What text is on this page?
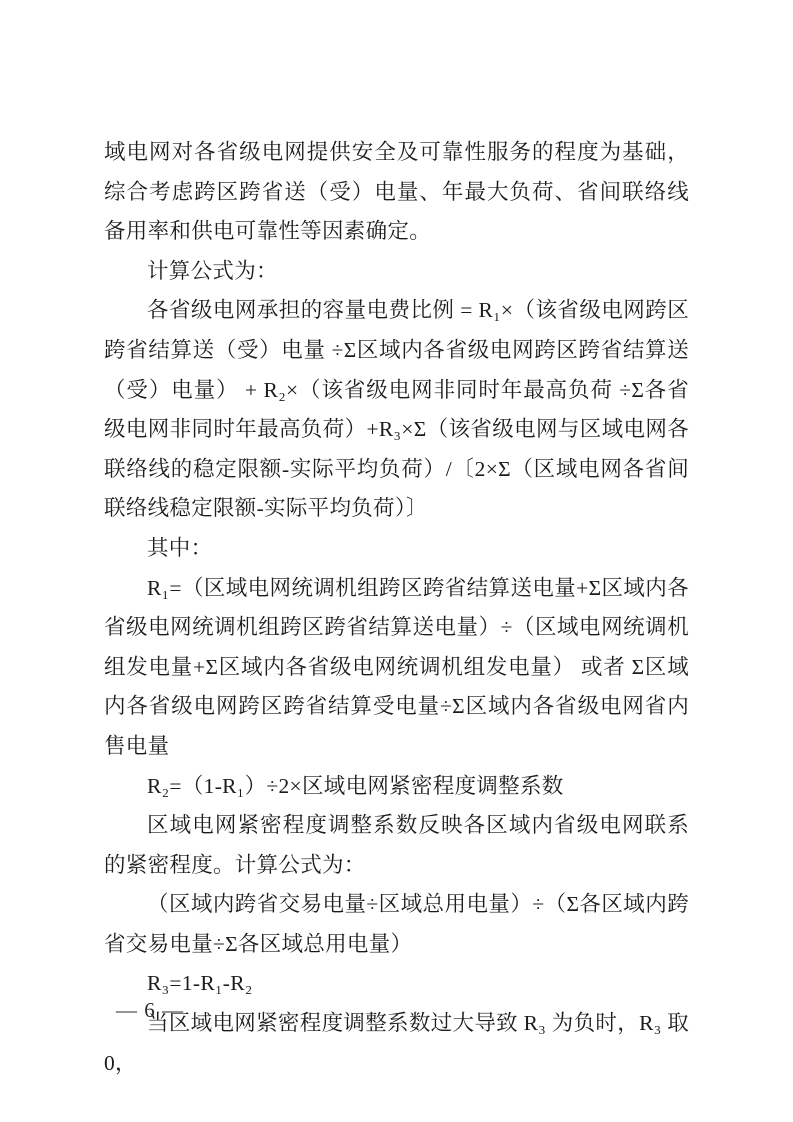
域电网对各省级电网提供安全及可靠性服务的程度为基础，综合考虑跨区跨省送（受）电量、年最大负荷、省间联络线备用率和供电可靠性等因素确定。

计算公式为：

各省级电网承担的容量电费比例 = R₁×（该省级电网跨区跨省结算送（受）电量 ÷Σ区域内各省级电网跨区跨省结算送（受）电量） + R₂×（该省级电网非同时年最高负荷 ÷Σ各省级电网非同时年最高负荷）+R₃×Σ（该省级电网与区域电网各联络线的稳定限额-实际平均负荷）/〔2×Σ（区域电网各省间联络线稳定限额-实际平均负荷）〕

其中：

R₁=（区域电网统调机组跨区跨省结算送电量+Σ区域内各省级电网统调机组跨区跨省结算送电量）÷（区域电网统调机组发电量+Σ区域内各省级电网统调机组发电量） 或者 Σ区域内各省级电网跨区跨省结算受电量÷Σ区域内各省级电网省内售电量

R₂=（1-R₁）÷2×区域电网紧密程度调整系数

区域电网紧密程度调整系数反映各区域内省级电网联系的紧密程度。计算公式为：

（区域内跨省交易电量÷区域总用电量）÷（Σ各区域内跨省交易电量÷Σ各区域总用电量）

R₃=1-R₁-R₂

当区域电网紧密程度调整系数过大导致 R₃ 为负时，R₃ 取 0，

— 6 —
